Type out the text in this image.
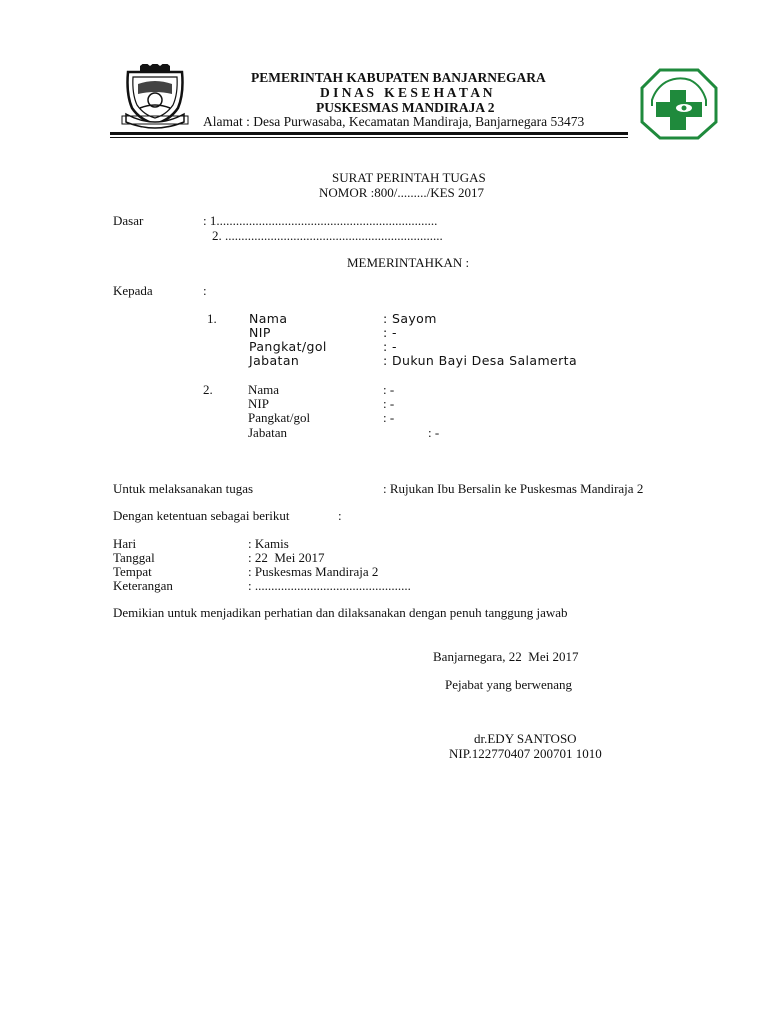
PEMERINTAH KABUPATEN BANJARNEGARA
D I N A S   K E S E H A T A N
PUSKESMAS MANDIRAJA 2
Alamat : Desa Purwasaba, Kecamatan Mandiraja, Banjarnegara 53473
SURAT PERINTAH TUGAS
NOMOR :800/........./KES 2017
Dasar	: 1....................................................................
2. ...................................................................
MEMERINTAHKAN :
Kepada	:
1.	Nama	: Sayom
NIP	: -
Pangkat/gol	: -
Jabatan	: Dukun Bayi Desa Salamerta
2.	Nama	: -
NIP	: -
Pangkat/gol	: -
Jabatan	: -
Untuk melaksanakan tugas	: Rujukan Ibu Bersalin ke Puskesmas Mandiraja 2
Dengan ketentuan sebagai berikut	:
Hari	: Kamis
Tanggal	: 22  Mei 2017
Tempat	: Puskesmas Mandiraja 2
Keterangan	: ................................................
Demikian untuk menjadikan perhatian dan dilaksanakan dengan penuh tanggung jawab
Banjarnegara, 22  Mei 2017
Pejabat yang berwenang
dr.EDY SANTOSO
NIP.122770407 200701 1010
